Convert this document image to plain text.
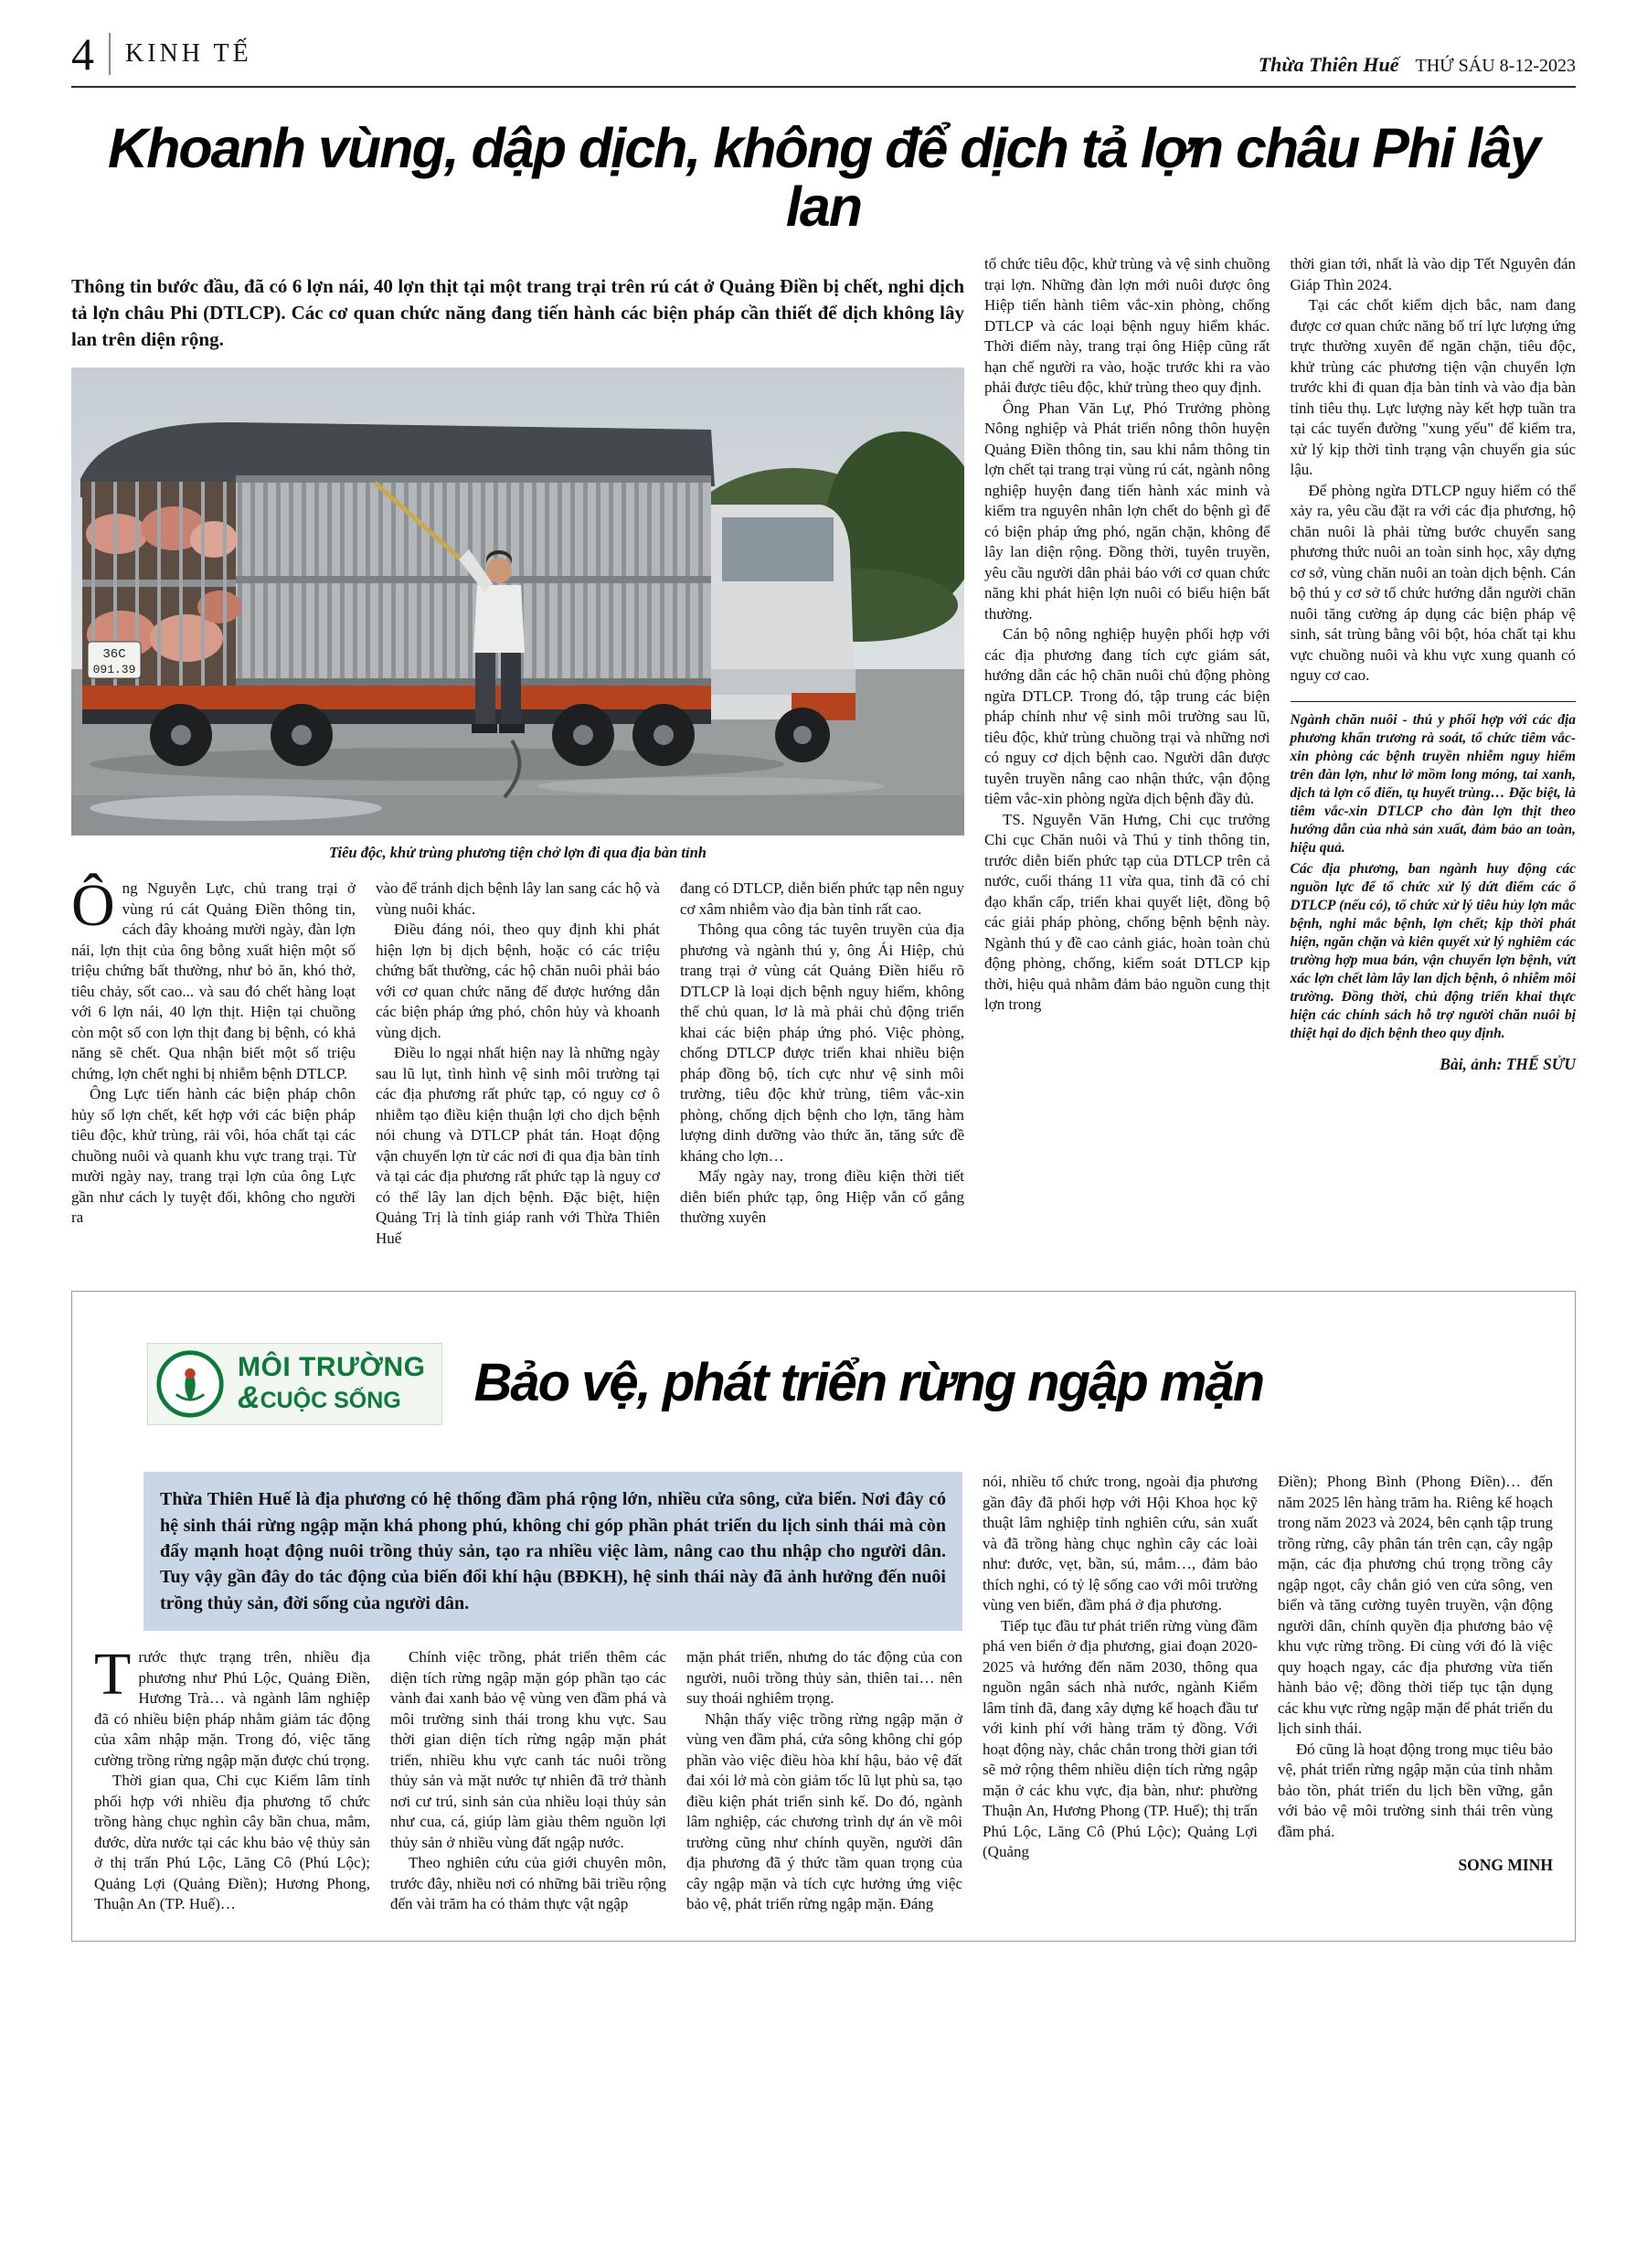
4 KINH TẾ	Thừa Thiên Huế THỨ SÁU 8-12-2023
Khoanh vùng, dập dịch, không để dịch tả lợn châu Phi lây lan

Thông tin bước đầu, đã có 6 lợn nái, 40 lợn thịt tại một trang trại trên rú cát ở Quảng Điền bị chết, nghi dịch tả lợn châu Phi (DTLCP). Các cơ quan chức năng đang tiến hành các biện pháp cần thiết để dịch không lây lan trên diện rộng.

36C
091.39
Tiêu độc, khử trùng phương tiện chở lợn đi qua địa bàn tỉnh

Ông Nguyễn Lực, chủ trang trại ở vùng rú cát Quảng Điền thông tin, cách đây khoảng mười ngày, đàn lợn nái, lợn thịt của ông bỗng xuất hiện một số triệu chứng bất thường, như bỏ ăn, khó thở, tiêu chảy, sốt cao... và sau đó chết hàng loạt với 6 lợn nái, 40 lợn thịt. Hiện tại chuồng còn một số con lợn thịt đang bị bệnh, có khả năng sẽ chết. Qua nhận biết một số triệu chứng, lợn chết nghi bị nhiễm bệnh DTLCP.

Ông Lực tiến hành các biện pháp chôn hủy số lợn chết, kết hợp với các biện pháp tiêu độc, khử trùng, rải vôi, hóa chất tại các chuồng nuôi và quanh khu vực trang trại. Từ mười ngày nay, trang trại lợn của ông Lực gần như cách ly tuyệt đối, không cho người ra

vào để tránh dịch bệnh lây lan sang các hộ và vùng nuôi khác.

Điều đáng nói, theo quy định khi phát hiện lợn bị dịch bệnh, hoặc có các triệu chứng bất thường, các hộ chăn nuôi phải báo với cơ quan chức năng để được hướng dẫn các biện pháp ứng phó, chôn hủy và khoanh vùng dịch.

Điều lo ngại nhất hiện nay là những ngày sau lũ lụt, tình hình vệ sinh môi trường tại các địa phương rất phức tạp, có nguy cơ ô nhiễm tạo điều kiện thuận lợi cho dịch bệnh nói chung và DTLCP phát tán. Hoạt động vận chuyển lợn từ các nơi đi qua địa bàn tỉnh và tại các địa phương rất phức tạp là nguy cơ có thể lây lan dịch bệnh. Đặc biệt, hiện Quảng Trị là tỉnh giáp ranh với Thừa Thiên Huế

đang có DTLCP, diễn biến phức tạp nên nguy cơ xâm nhiễm vào địa bàn tỉnh rất cao.

Thông qua công tác tuyên truyền của địa phương và ngành thú y, ông Ái Hiệp, chủ trang trại ở vùng cát Quảng Điền hiểu rõ DTLCP là loại dịch bệnh nguy hiểm, không thể chủ quan, lơ là mà phải chủ động triển khai các biện pháp ứng phó. Việc phòng, chống DTLCP được triển khai nhiều biện pháp đồng bộ, tích cực như vệ sinh môi trường, tiêu độc khử trùng, tiêm vắc-xin phòng, chống dịch bệnh cho lợn, tăng hàm lượng dinh dưỡng vào thức ăn, tăng sức đề kháng cho lợn…

Mấy ngày nay, trong điều kiện thời tiết diễn biến phức tạp, ông Hiệp vẫn cố gắng thường xuyên

tổ chức tiêu độc, khử trùng và vệ sinh chuồng trại lợn. Những đàn lợn mới nuôi được ông Hiệp tiến hành tiêm vắc-xin phòng, chống DTLCP và các loại bệnh nguy hiểm khác. Thời điểm này, trang trại ông Hiệp cũng rất hạn chế người ra vào, hoặc trước khi ra vào phải được tiêu độc, khử trùng theo quy định.

Ông Phan Văn Lự, Phó Trưởng phòng Nông nghiệp và Phát triển nông thôn huyện Quảng Điền thông tin, sau khi nắm thông tin lợn chết tại trang trại vùng rú cát, ngành nông nghiệp huyện đang tiến hành xác minh và kiểm tra nguyên nhân lợn chết do bệnh gì để có biện pháp ứng phó, ngăn chặn, không để lây lan diện rộng. Đồng thời, tuyên truyền, yêu cầu người dân phải báo với cơ quan chức năng khi phát hiện lợn nuôi có biểu hiện bất thường.

Cán bộ nông nghiệp huyện phối hợp với các địa phương đang tích cực giám sát, hướng dẫn các hộ chăn nuôi chủ động phòng ngừa DTLCP. Trong đó, tập trung các biện pháp chính như vệ sinh môi trường sau lũ, tiêu độc, khử trùng chuồng trại và những nơi có nguy cơ dịch bệnh cao. Người dân được tuyên truyền nâng cao nhận thức, vận động tiêm vắc-xin phòng ngừa dịch bệnh đầy đủ.

TS. Nguyễn Văn Hưng, Chi cục trưởng Chi cục Chăn nuôi và Thú y tỉnh thông tin, trước diễn biến phức tạp của DTLCP trên cả nước, cuối tháng 11 vừa qua, tỉnh đã có chỉ đạo khẩn cấp, triển khai quyết liệt, đồng bộ các giải pháp phòng, chống bệnh bệnh này. Ngành thú y đề cao cảnh giác, hoàn toàn chủ động phòng, chống, kiểm soát DTLCP kịp thời, hiệu quả nhằm đảm bảo nguồn cung thịt lợn trong

thời gian tới, nhất là vào dịp Tết Nguyên đán Giáp Thìn 2024.

Tại các chốt kiểm dịch bắc, nam đang được cơ quan chức năng bố trí lực lượng ứng trực thường xuyên để ngăn chặn, tiêu độc, khử trùng các phương tiện vận chuyển lợn trước khi đi quan địa bàn tỉnh và vào địa bàn tỉnh tiêu thụ. Lực lượng này kết hợp tuần tra tại các tuyến đường "xung yếu" để kiểm tra, xử lý kịp thời tình trạng vận chuyển gia súc lậu.

Để phòng ngừa DTLCP nguy hiểm có thể xảy ra, yêu cầu đặt ra với các địa phương, hộ chăn nuôi là phải từng bước chuyển sang phương thức nuôi an toàn sinh học, xây dựng cơ sở, vùng chăn nuôi an toàn dịch bệnh. Cán bộ thú y cơ sở tổ chức hướng dẫn người chăn nuôi tăng cường áp dụng các biện pháp vệ sinh, sát trùng bằng vôi bột, hóa chất tại khu vực chuồng nuôi và khu vực xung quanh có nguy cơ cao.

Ngành chăn nuôi - thú y phối hợp với các địa phương khẩn trương rà soát, tổ chức tiêm vắc-xin phòng các bệnh truyền nhiễm nguy hiểm trên đàn lợn, như lở mồm long móng, tai xanh, dịch tả lợn cổ điển, tụ huyết trùng… Đặc biệt, là tiêm vắc-xin DTLCP cho đàn lợn thịt theo hướng dẫn của nhà sản xuất, đảm bảo an toàn, hiệu quả.

Các địa phương, ban ngành huy động các nguồn lực để tổ chức xử lý dứt điểm các ổ DTLCP (nếu có), tổ chức xử lý tiêu hủy lợn mắc bệnh, nghi mắc bệnh, lợn chết; kịp thời phát hiện, ngăn chặn và kiên quyết xử lý nghiêm các trường hợp mua bán, vận chuyển lợn bệnh, vứt xác lợn chết làm lây lan dịch bệnh, ô nhiễm môi trường. Đồng thời, chủ động triển khai thực hiện các chính sách hỗ trợ người chăn nuôi bị thiệt hại do dịch bệnh theo quy định.

Bài, ảnh: THẾ SỬU
MÔI TRƯỜNG
&CUỘC SỐNG	Bảo vệ, phát triển rừng ngập mặn

Thừa Thiên Huế là địa phương có hệ thống đầm phá rộng lớn, nhiều cửa sông, cửa biển. Nơi đây có hệ sinh thái rừng ngập mặn khá phong phú, không chỉ góp phần phát triển du lịch sinh thái mà còn đẩy mạnh hoạt động nuôi trồng thủy sản, tạo ra nhiều việc làm, nâng cao thu nhập cho người dân. Tuy vậy gần đây do tác động của biến đổi khí hậu (BĐKH), hệ sinh thái này đã ảnh hưởng đến nuôi trồng thủy sản, đời sống của người dân.

Trước thực trạng trên, nhiều địa phương như Phú Lộc, Quảng Điền, Hương Trà… và ngành lâm nghiệp đã có nhiều biện pháp nhằm giảm tác động của xâm nhập mặn. Trong đó, việc tăng cường trồng rừng ngập mặn được chú trọng.

Thời gian qua, Chi cục Kiểm lâm tỉnh phối hợp với nhiều địa phương tổ chức trồng hàng chục nghìn cây bần chua, mắm, đước, dừa nước tại các khu bảo vệ thủy sản ở thị trấn Phú Lộc, Lăng Cô (Phú Lộc); Quảng Lợi (Quảng Điền); Hương Phong, Thuận An (TP. Huế)…

Chính việc trồng, phát triển thêm các diện tích rừng ngập mặn góp phần tạo các vành đai xanh bảo vệ vùng ven đầm phá và môi trường sinh thái trong khu vực. Sau thời gian diện tích rừng ngập mặn phát triển, nhiều khu vực canh tác nuôi trồng thủy sản và mặt nước tự nhiên đã trở thành nơi cư trú, sinh sản của nhiều loại thủy sản như cua, cá, giúp làm giàu thêm nguồn lợi thủy sản ở nhiều vùng đất ngập nước.

Theo nghiên cứu của giới chuyên môn, trước đây, nhiều nơi có những bãi triều rộng đến vài trăm ha có thảm thực vật ngập

mặn phát triển, nhưng do tác động của con người, nuôi trồng thủy sản, thiên tai… nên suy thoái nghiêm trọng.

Nhận thấy việc trồng rừng ngập mặn ở vùng ven đầm phá, cửa sông không chỉ góp phần vào việc điều hòa khí hậu, bảo vệ đất đai xói lở mà còn giảm tốc lũ lụt phù sa, tạo điều kiện phát triển sinh kế. Do đó, ngành lâm nghiệp, các chương trình dự án về môi trường cũng như chính quyền, người dân địa phương đã ý thức tầm quan trọng của cây ngập mặn và tích cực hưởng ứng việc bảo vệ, phát triển rừng ngập mặn. Đáng

nói, nhiều tổ chức trong, ngoài địa phương gần đây đã phối hợp với Hội Khoa học kỹ thuật lâm nghiệp tỉnh nghiên cứu, sản xuất và đã trồng hàng chục nghìn cây các loài như: đước, vẹt, bần, sú, mắm…, đảm bảo thích nghi, có tỷ lệ sống cao với môi trường vùng ven biển, đầm phá ở địa phương.

Tiếp tục đầu tư phát triển rừng vùng đầm phá ven biển ở địa phương, giai đoạn 2020-2025 và hướng đến năm 2030, thông qua nguồn ngân sách nhà nước, ngành Kiểm lâm tỉnh đã, đang xây dựng kế hoạch đầu tư với kinh phí với hàng trăm tỷ đồng. Với hoạt động này, chắc chắn trong thời gian tới sẽ mở rộng thêm nhiều diện tích rừng ngập mặn ở các khu vực, địa bàn, như: phường Thuận An, Hương Phong (TP. Huế); thị trấn Phú Lộc, Lăng Cô (Phú Lộc); Quảng Lợi (Quảng

Điền); Phong Bình (Phong Điền)… đến năm 2025 lên hàng trăm ha. Riêng kế hoạch trong năm 2023 và 2024, bên cạnh tập trung trồng rừng, cây phân tán trên cạn, cây ngập mặn, các địa phương chú trọng trồng cây ngập ngọt, cây chắn gió ven cửa sông, ven biển và tăng cường tuyên truyền, vận động người dân, chính quyền địa phương bảo vệ khu vực rừng trồng. Đi cùng với đó là việc quy hoạch ngay, các địa phương vừa tiến hành bảo vệ; đồng thời tiếp tục tận dụng các khu vực rừng ngập mặn để phát triển du lịch sinh thái.

Đó cũng là hoạt động trong mục tiêu bảo vệ, phát triển rừng ngập mặn của tỉnh nhằm bảo tồn, phát triển du lịch bền vững, gắn với bảo vệ môi trường sinh thái trên vùng đầm phá.

SONG MINH
